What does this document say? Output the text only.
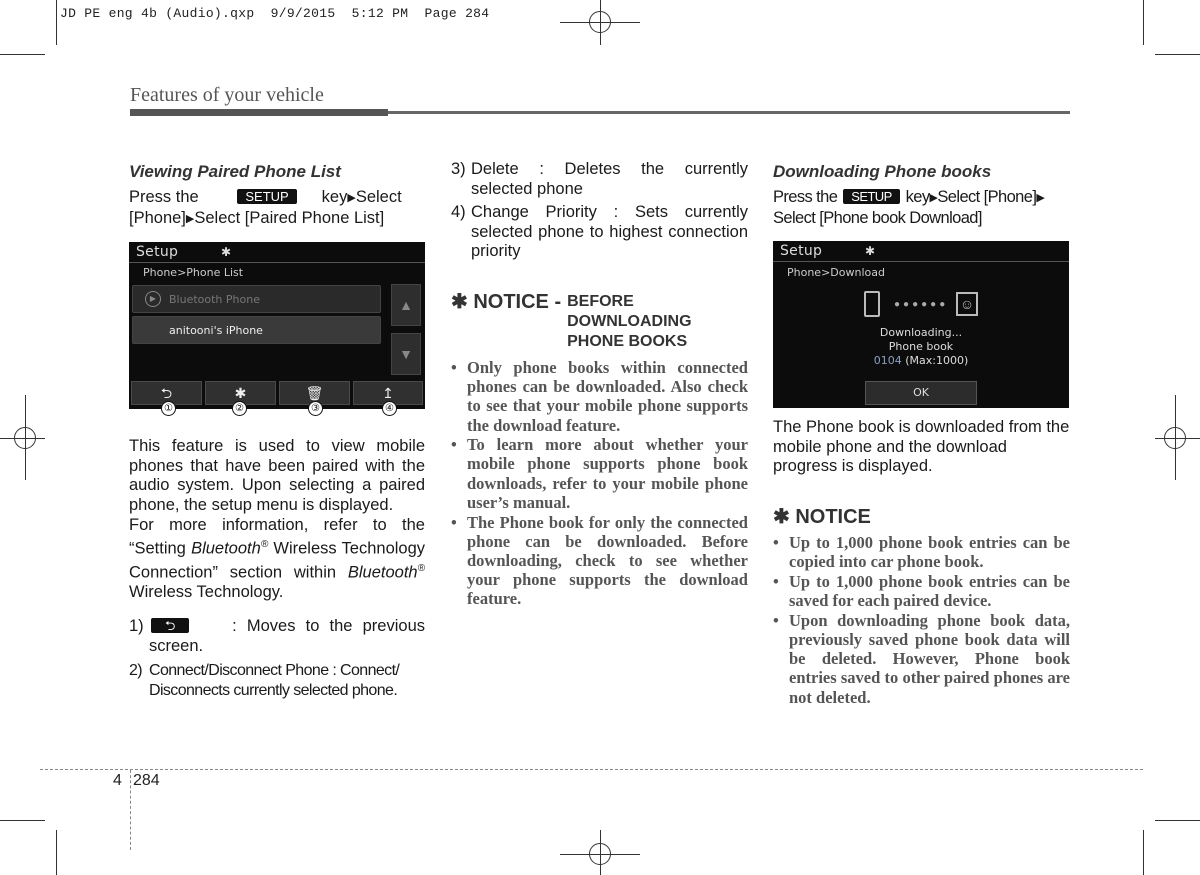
JD PE eng 4b (Audio).qxp  9/9/2015  5:12 PM  Page 284
Features of your vehicle
Viewing Paired Phone List
Press the	SETUP key▶Select
[Phone]▶Select [Paired Phone List]
Setup	✱
Phone>Phone List
▶	Bluetooth Phone
anitooni's iPhone
▲
▼
⮌	✱	🗑	↥
①	②	③	④
This feature is used to view mobile phones that have been paired with the audio system. Upon selecting a paired phone, the setup menu is displayed.
For more information, refer to the “Setting Bluetooth® Wireless Technology Connection” section within Bluetooth® Wireless Technology.
1)	⮌	: Moves to the previous screen.
2) Connect/Disconnect Phone : Connect/ Disconnects currently selected phone.
3) Delete : Deletes the currently selected phone
4) Change Priority : Sets currently selected phone to highest connection priority
✱ NOTICE - BEFORE
DOWNLOADING
PHONE BOOKS
• Only phone books within connected phones can be downloaded. Also check to see that your mobile phone supports the download feature.
• To learn more about whether your mobile phone supports phone book downloads, refer to your mobile phone user’s manual.
• The Phone book for only the connected phone can be downloaded. Before downloading, check to see whether your phone supports the download feature.
Downloading Phone books
Press the SETUP key▶Select [Phone]▶
Select [Phone book Download]
Setup	✱
Phone>Download
●●●●●● ☺
Downloading...
Phone book
0104 (Max:1000)
OK
The Phone book is downloaded from the mobile phone and the download progress is displayed.
✱ NOTICE
• Up to 1,000 phone book entries can be copied into car phone book.
• Up to 1,000 phone book entries can be saved for each paired device.
• Upon downloading phone book data, previously saved phone book data will be deleted. However, Phone book entries saved to other paired phones are not deleted.
4 284
